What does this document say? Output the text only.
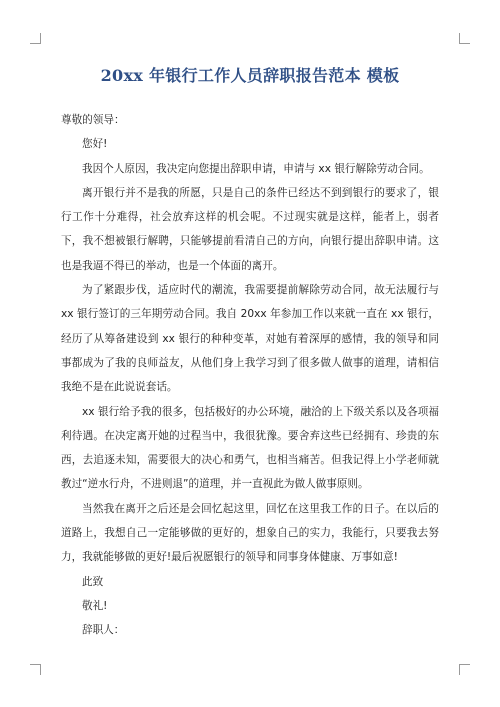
20xx 年银行工作人员辞职报告范本 模板

尊敬的领导：

您好!

我因个人原因，我决定向您提出辞职申请，申请与 xx 银行解除劳动合同。

离开银行并不是我的所愿，只是自己的条件已经达不到到银行的要求了，银行工作十分难得，社会放弃这样的机会呢。不过现实就是这样，能者上，弱者下，我不想被银行解聘，只能够提前看清自己的方向，向银行提出辞职申请。这也是我逼不得已的举动，也是一个体面的离开。

为了紧跟步伐，适应时代的潮流，我需要提前解除劳动合同，故无法履行与 xx 银行签订的三年期劳动合同。我自 20xx 年参加工作以来就一直在 xx 银行，经历了从筹备建设到 xx 银行的种种变革，对她有着深厚的感情，我的领导和同事都成为了我的良师益友，从他们身上我学习到了很多做人做事的道理，请相信我绝不是在此说说套话。

xx 银行给予我的很多，包括极好的办公环境，融洽的上下级关系以及各项福利待遇。在决定离开她的过程当中，我很犹豫。要舍弃这些已经拥有、珍贵的东西，去追逐未知，需要很大的决心和勇气，也相当痛苦。但我记得上小学老师就教过“逆水行舟，不进则退”的道理，并一直视此为做人做事原则。

当然我在离开之后还是会回忆起这里，回忆在这里我工作的日子。在以后的道路上，我想自己一定能够做的更好的，想象自己的实力，我能行，只要我去努力，我就能够做的更好!最后祝愿银行的领导和同事身体健康、万事如意!

此致

敬礼!

辞职人：
